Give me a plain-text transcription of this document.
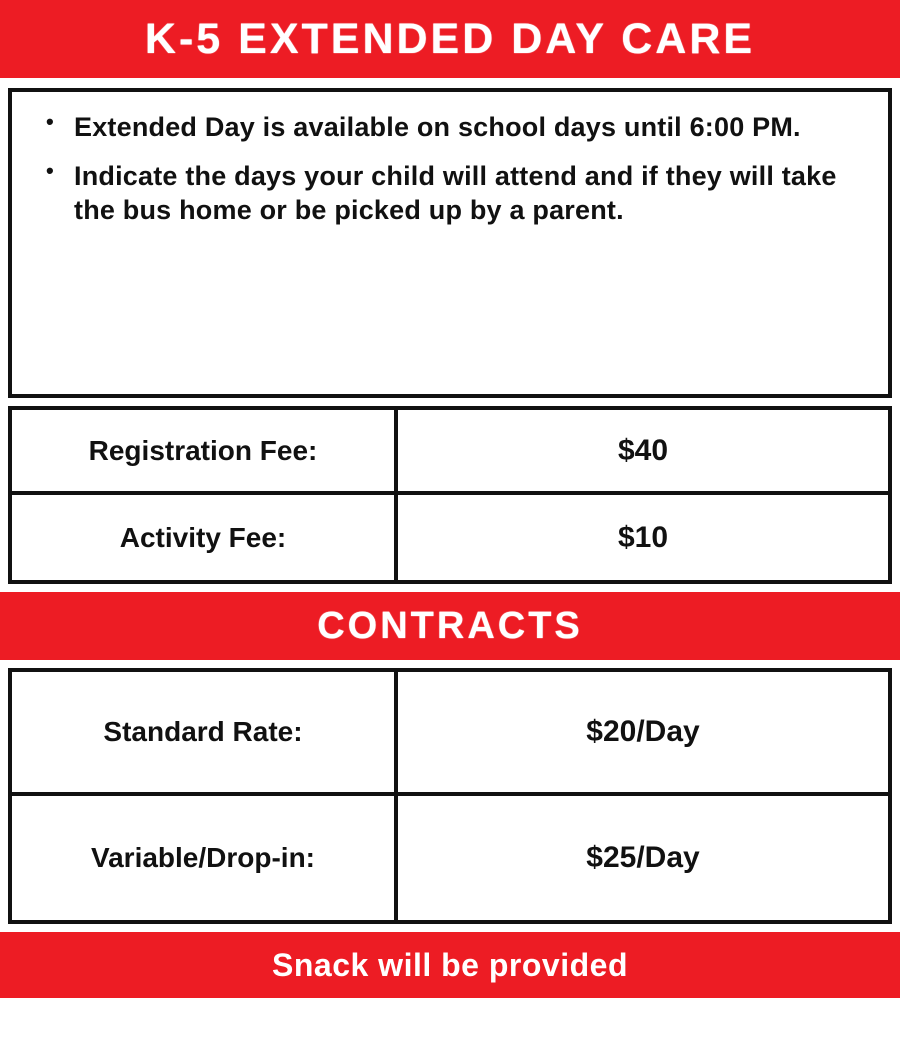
K-5 EXTENDED DAY CARE
• Extended Day is available on school days until 6:00 PM.
• Indicate the days your child will attend and if they will take the bus home or be picked up by a parent.
Registration Fee:	$40
Activity Fee:	$10
CONTRACTS
Standard Rate:	$20/Day
Variable/Drop-in:	$25/Day
Snack will be provided
